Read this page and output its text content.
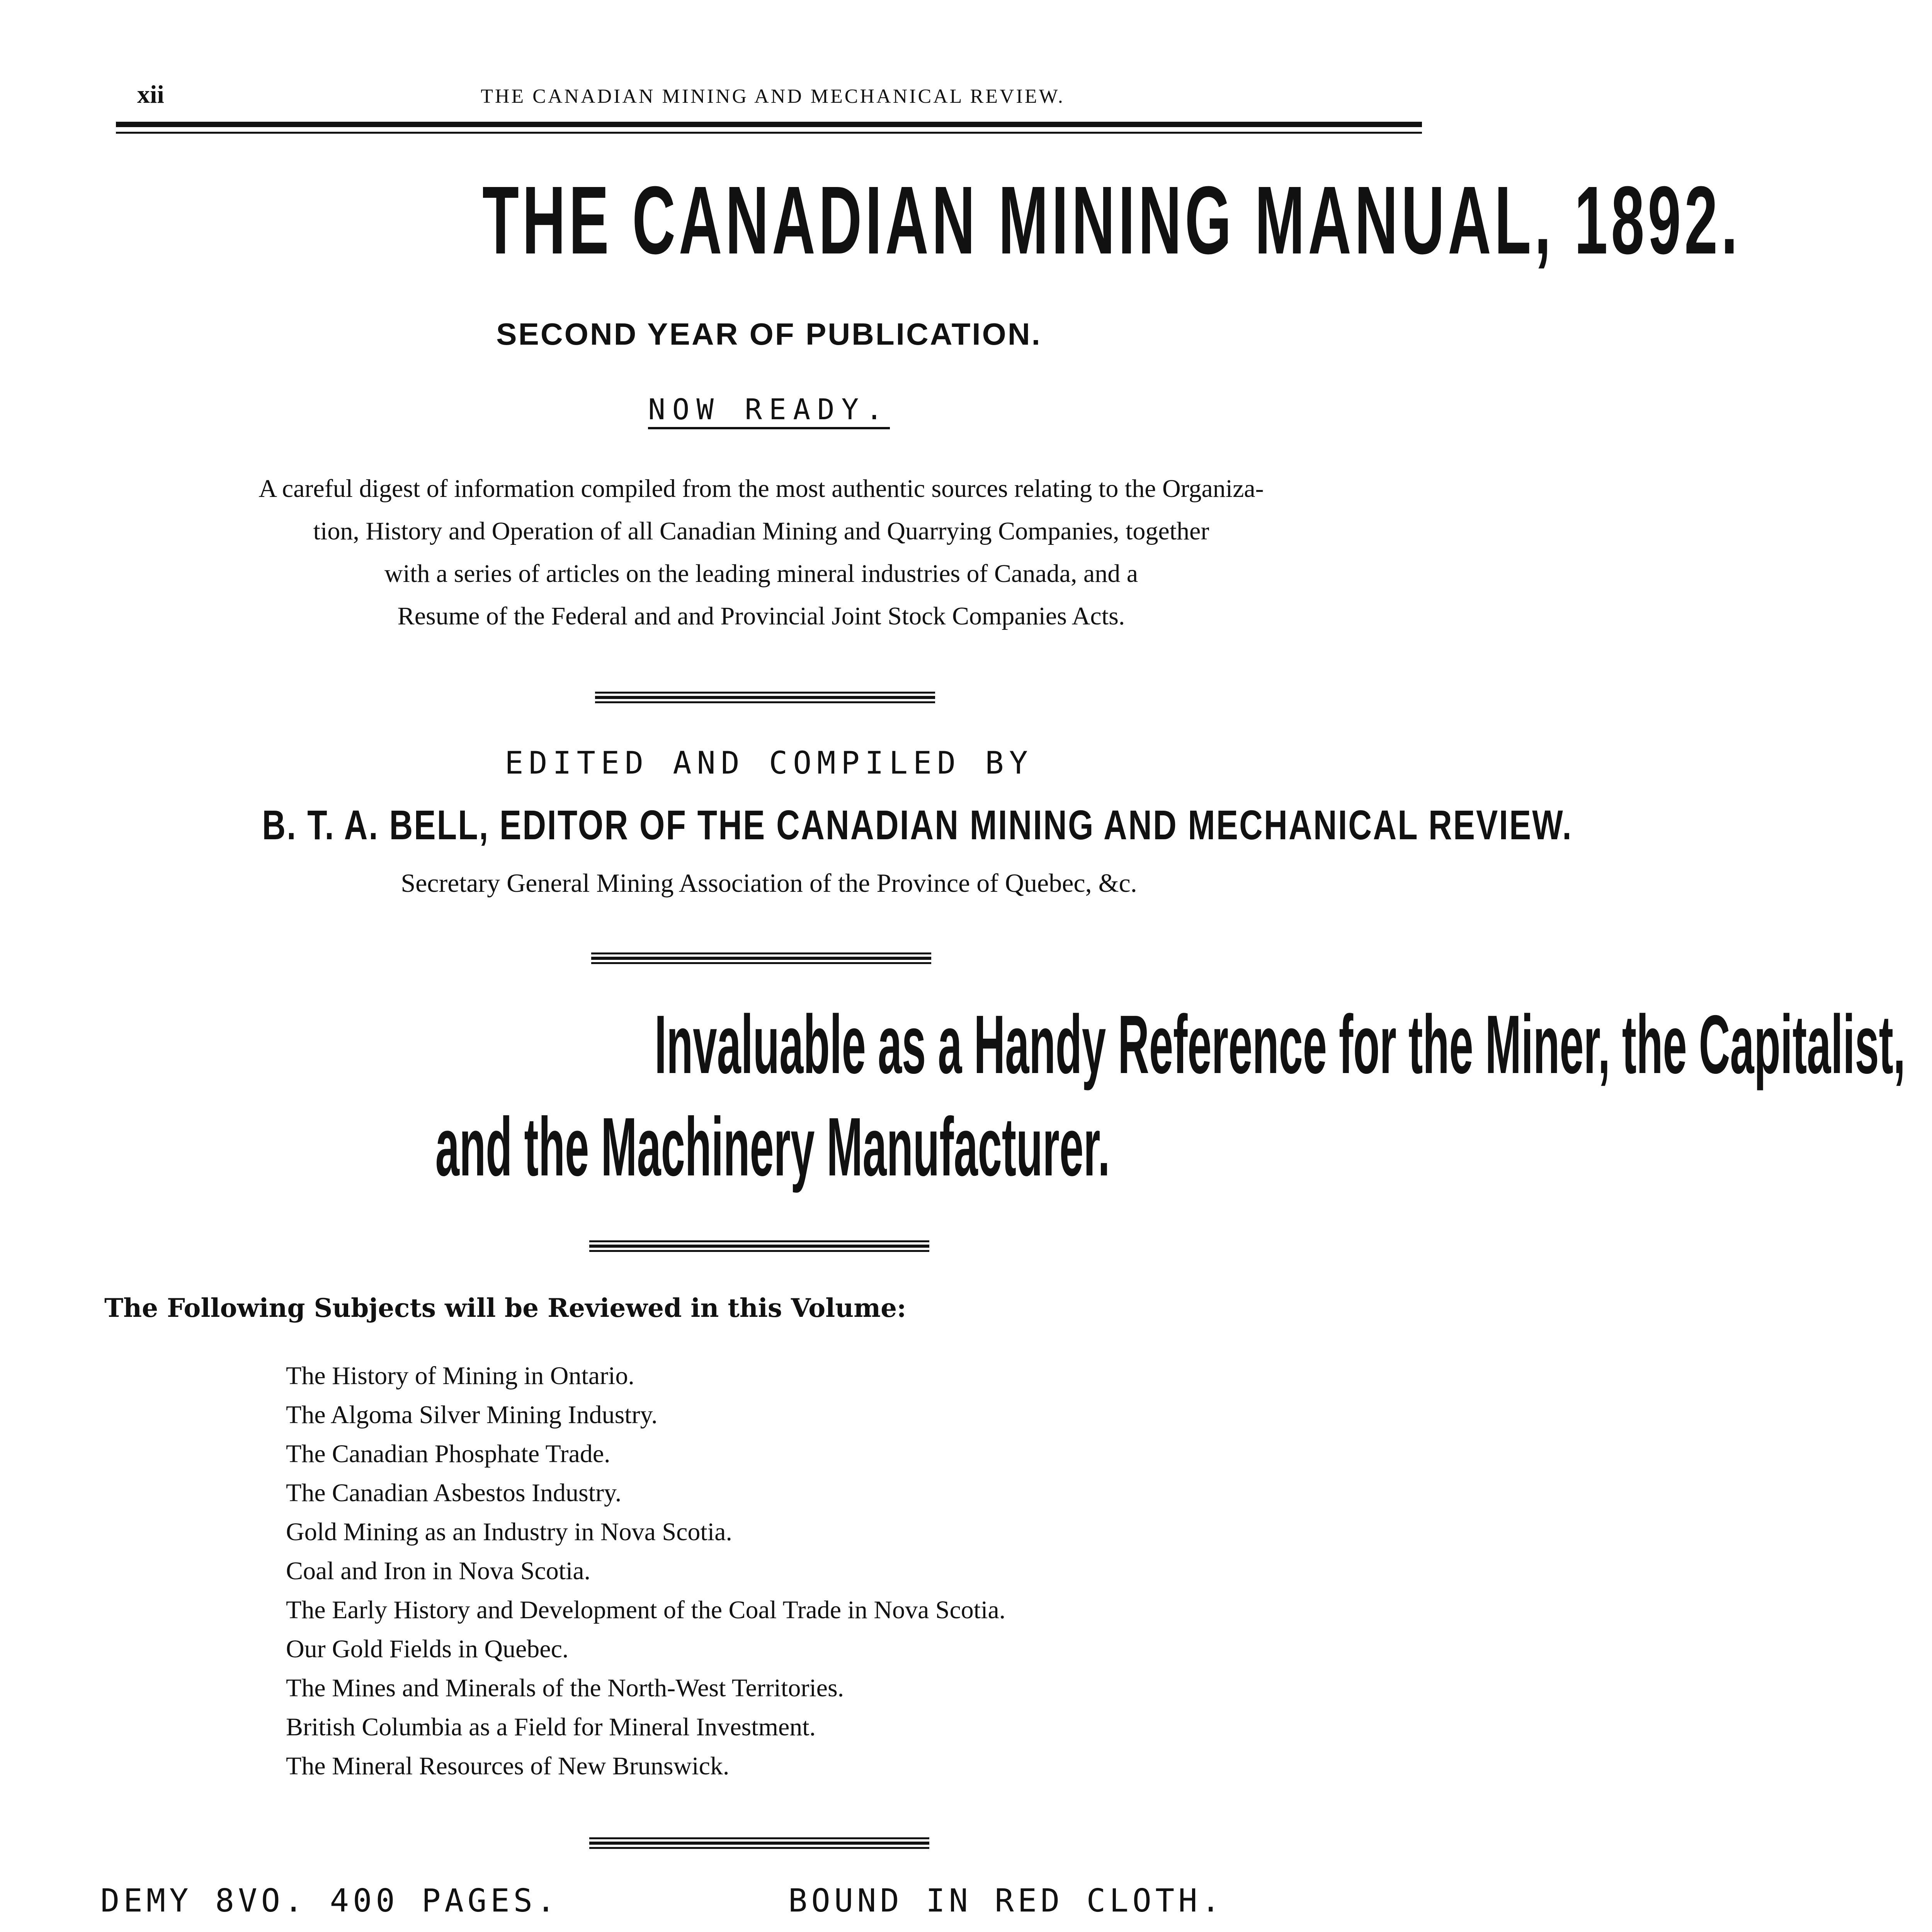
xii	THE CANADIAN MINING AND MECHANICAL REVIEW.
THE CANADIAN MINING MANUAL, 1892.
SECOND YEAR OF PUBLICATION.
NOW READY.
A careful digest of information compiled from the most authentic sources relating to the Organiza-
tion, History and Operation of all Canadian Mining and Quarrying Companies, together
with a series of articles on the leading mineral industries of Canada, and a
Resume of the Federal and and Provincial Joint Stock Companies Acts.
EDITED AND COMPILED BY
B. T. A. BELL, EDITOR OF THE CANADIAN MINING AND MECHANICAL REVIEW.
Secretary General Mining Association of the Province of Quebec, &c.
Invaluable as a Handy Reference for the Miner, the Capitalist,
and the Machinery Manufacturer.
The Following Subjects will be Reviewed in this Volume:
The History of Mining in Ontario.
The Algoma Silver Mining Industry.
The Canadian Phosphate Trade.
The Canadian Asbestos Industry.
Gold Mining as an Industry in Nova Scotia.
Coal and Iron in Nova Scotia.
The Early History and Development of the Coal Trade in Nova Scotia.
Our Gold Fields in Quebec.
The Mines and Minerals of the North-West Territories.
British Columbia as a Field for Mineral Investment.
The Mineral Resources of New Brunswick.
DEMY 8VO. 400 PAGES.	BOUND IN RED CLOTH.
